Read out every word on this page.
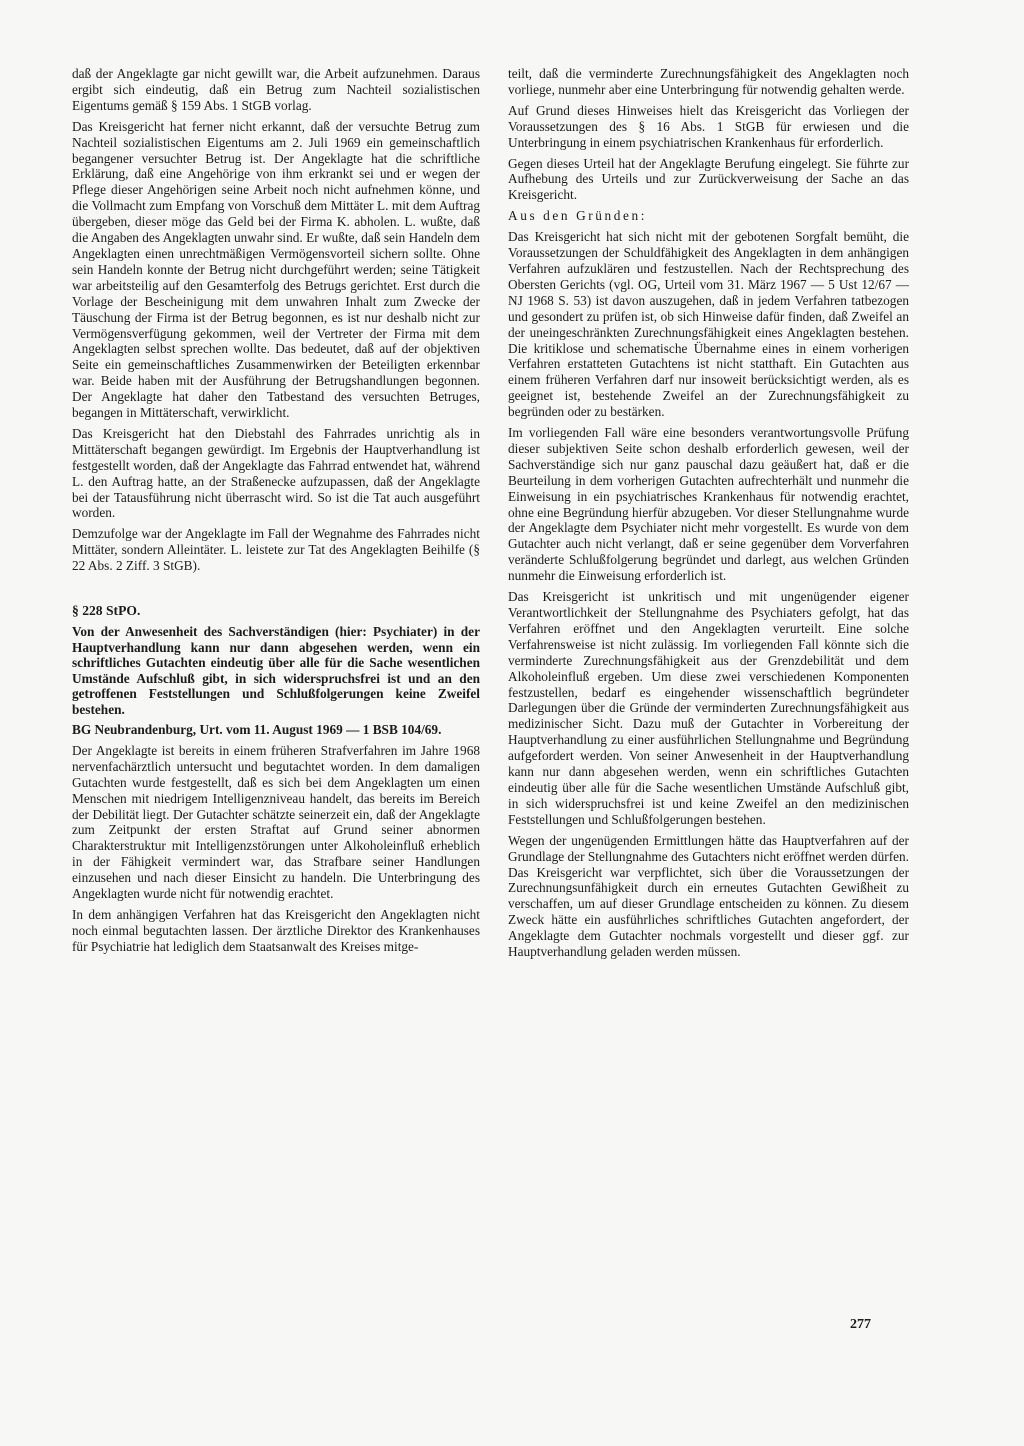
daß der Angeklagte gar nicht gewillt war, die Arbeit aufzunehmen. Daraus ergibt sich eindeutig, daß ein Betrug zum Nachteil sozialistischen Eigentums gemäß § 159 Abs. 1 StGB vorlag.

Das Kreisgericht hat ferner nicht erkannt, daß der versuchte Betrug zum Nachteil sozialistischen Eigentums am 2. Juli 1969 ein gemeinschaftlich begangener versuchter Betrug ist. Der Angeklagte hat die schriftliche Erklärung, daß eine Angehörige von ihm erkrankt sei und er wegen der Pflege dieser Angehörigen seine Arbeit noch nicht aufnehmen könne, und die Vollmacht zum Empfang von Vorschuß dem Mittäter L. mit dem Auftrag übergeben, dieser möge das Geld bei der Firma K. abholen. L. wußte, daß die Angaben des Angeklagten unwahr sind. Er wußte, daß sein Handeln dem Angeklagten einen unrechtmäßigen Vermögensvorteil sichern sollte. Ohne sein Handeln konnte der Betrug nicht durchgeführt werden; seine Tätigkeit war arbeitsteilig auf den Gesamterfolg des Betrugs gerichtet. Erst durch die Vorlage der Bescheinigung mit dem unwahren Inhalt zum Zwecke der Täuschung der Firma ist der Betrug begonnen, es ist nur deshalb nicht zur Vermögensverfügung gekommen, weil der Vertreter der Firma mit dem Angeklagten selbst sprechen wollte. Das bedeutet, daß auf der objektiven Seite ein gemeinschaftliches Zusammenwirken der Beteiligten erkennbar war. Beide haben mit der Ausführung der Betrugshandlungen begonnen. Der Angeklagte hat daher den Tatbestand des versuchten Betruges, begangen in Mittäterschaft, verwirklicht.

Das Kreisgericht hat den Diebstahl des Fahrrades unrichtig als in Mittäterschaft begangen gewürdigt. Im Ergebnis der Hauptverhandlung ist festgestellt worden, daß der Angeklagte das Fahrrad entwendet hat, während L. den Auftrag hatte, an der Straßenecke aufzupassen, daß der Angeklagte bei der Tatausführung nicht überrascht wird. So ist die Tat auch ausgeführt worden.

Demzufolge war der Angeklagte im Fall der Wegnahme des Fahrrades nicht Mittäter, sondern Alleintäter. L. leistete zur Tat des Angeklagten Beihilfe (§ 22 Abs. 2 Ziff. 3 StGB).

§ 228 StPO.

Von der Anwesenheit des Sachverständigen (hier: Psychiater) in der Hauptverhandlung kann nur dann abgesehen werden, wenn ein schriftliches Gutachten eindeutig über alle für die Sache wesentlichen Umstände Aufschluß gibt, in sich widerspruchsfrei ist und an den getroffenen Feststellungen und Schlußfolgerungen keine Zweifel bestehen.

BG Neubrandenburg, Urt. vom 11. August 1969 — 1 BSB 104/69.

Der Angeklagte ist bereits in einem früheren Strafverfahren im Jahre 1968 nervenfachärztlich untersucht und begutachtet worden. In dem damaligen Gutachten wurde festgestellt, daß es sich bei dem Angeklagten um einen Menschen mit niedrigem Intelligenzniveau handelt, das bereits im Bereich der Debilität liegt. Der Gutachter schätzte seinerzeit ein, daß der Angeklagte zum Zeitpunkt der ersten Straftat auf Grund seiner abnormen Charakterstruktur mit Intelligenzstörungen unter Alkoholeinfluß erheblich in der Fähigkeit vermindert war, das Strafbare seiner Handlungen einzusehen und nach dieser Einsicht zu handeln. Die Unterbringung des Angeklagten wurde nicht für notwendig erachtet.

In dem anhängigen Verfahren hat das Kreisgericht den Angeklagten nicht noch einmal begutachten lassen. Der ärztliche Direktor des Krankenhauses für Psychiatrie hat lediglich dem Staatsanwalt des Kreises mitge-

teilt, daß die verminderte Zurechnungsfähigkeit des Angeklagten noch vorliege, nunmehr aber eine Unterbringung für notwendig gehalten werde.

Auf Grund dieses Hinweises hielt das Kreisgericht das Vorliegen der Voraussetzungen des § 16 Abs. 1 StGB für erwiesen und die Unterbringung in einem psychiatrischen Krankenhaus für erforderlich.

Gegen dieses Urteil hat der Angeklagte Berufung eingelegt. Sie führte zur Aufhebung des Urteils und zur Zurückverweisung der Sache an das Kreisgericht.

Aus den Gründen:

Das Kreisgericht hat sich nicht mit der gebotenen Sorgfalt bemüht, die Voraussetzungen der Schuldfähigkeit des Angeklagten in dem anhängigen Verfahren aufzuklären und festzustellen. Nach der Rechtsprechung des Obersten Gerichts (vgl. OG, Urteil vom 31. März 1967 — 5 Ust 12/67 — NJ 1968 S. 53) ist davon auszugehen, daß in jedem Verfahren tatbezogen und gesondert zu prüfen ist, ob sich Hinweise dafür finden, daß Zweifel an der uneingeschränkten Zurechnungsfähigkeit eines Angeklagten bestehen. Die kritiklose und schematische Übernahme eines in einem vorherigen Verfahren erstatteten Gutachtens ist nicht statthaft. Ein Gutachten aus einem früheren Verfahren darf nur insoweit berücksichtigt werden, als es geeignet ist, bestehende Zweifel an der Zurechnungsfähigkeit zu begründen oder zu bestärken.

Im vorliegenden Fall wäre eine besonders verantwortungsvolle Prüfung dieser subjektiven Seite schon deshalb erforderlich gewesen, weil der Sachverständige sich nur ganz pauschal dazu geäußert hat, daß er die Beurteilung in dem vorherigen Gutachten aufrechterhält und nunmehr die Einweisung in ein psychiatrisches Krankenhaus für notwendig erachtet, ohne eine Begründung hierfür abzugeben. Vor dieser Stellungnahme wurde der Angeklagte dem Psychiater nicht mehr vorgestellt. Es wurde von dem Gutachter auch nicht verlangt, daß er seine gegenüber dem Vorverfahren veränderte Schlußfolgerung begründet und darlegt, aus welchen Gründen nunmehr die Einweisung erforderlich ist.

Das Kreisgericht ist unkritisch und mit ungenügender eigener Verantwortlichkeit der Stellungnahme des Psychiaters gefolgt, hat das Verfahren eröffnet und den Angeklagten verurteilt. Eine solche Verfahrensweise ist nicht zulässig. Im vorliegenden Fall könnte sich die verminderte Zurechnungsfähigkeit aus der Grenzdebilität und dem Alkoholeinfluß ergeben. Um diese zwei verschiedenen Komponenten festzustellen, bedarf es eingehender wissenschaftlich begründeter Darlegungen über die Gründe der verminderten Zurechnungsfähigkeit aus medizinischer Sicht. Dazu muß der Gutachter in Vorbereitung der Hauptverhandlung zu einer ausführlichen Stellungnahme und Begründung aufgefordert werden. Von seiner Anwesenheit in der Hauptverhandlung kann nur dann abgesehen werden, wenn ein schriftliches Gutachten eindeutig über alle für die Sache wesentlichen Umstände Aufschluß gibt, in sich widerspruchsfrei ist und keine Zweifel an den medizinischen Feststellungen und Schlußfolgerungen bestehen.

Wegen der ungenügenden Ermittlungen hätte das Hauptverfahren auf der Grundlage der Stellungnahme des Gutachters nicht eröffnet werden dürfen. Das Kreisgericht war verpflichtet, sich über die Voraussetzungen der Zurechnungsunfähigkeit durch ein erneutes Gutachten Gewißheit zu verschaffen, um auf dieser Grundlage entscheiden zu können. Zu diesem Zweck hätte ein ausführliches schriftliches Gutachten angefordert, der Angeklagte dem Gutachter nochmals vorgestellt und dieser ggf. zur Hauptverhandlung geladen werden müssen.

277
